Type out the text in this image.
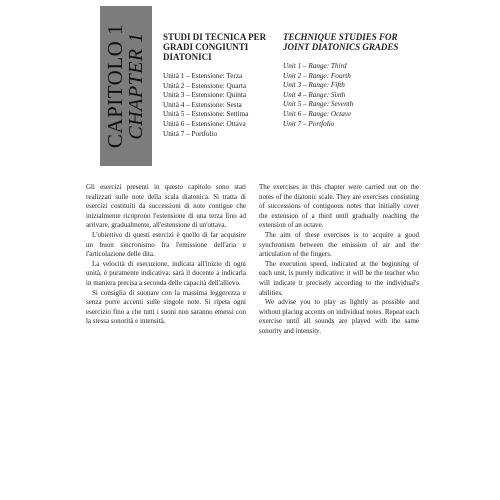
CAPITOLO 1
CHAPTER 1 STUDI DI TECNICA PER GRADI CONGIUNTI DIATONICI
Unità 1 – Estensione: Terza
Unità 2 – Estensione: Quarta
Unità 3 – Estensione: Quinta
Unità 4 – Estensione: Sesta
Unità 5 – Estensione: Settima
Unità 6 – Estensione: Ottava
Unità 7 – Portfolio
TECHNIQUE STUDIES FOR JOINT DIATONICS GRADES
Unit 1 – Range: Third
Unit 2 – Range: Fourth
Unit 3 – Range: Fifth
Unit 4 – Range: Sixth
Unit 5 – Range: Seventh
Unit 6 – Range: Octave
Unit 7 – Portfolio

Gli esercizi presenti in questo capitolo sono stati realizzati sulle note della scala diatonica. Si tratta di esercizi costituiti da successioni di note contigue che inizialmente ricoprono l'estensione di una terza fino ad arrivare, gradualmente, all'estensione di un'ottava.

L'obiettivo di questi esercizi è quello di far acquisire un buon sincronismo fra l'emissione dell'aria e l'articolazione delle dita.

La velocità di esecuzione, indicata all'inizio di ogni unità, è puramente indicativa: sarà il docente a indicarla in maniera precisa a seconda delle capacità dell'allievo.

Si consiglia di suonare con la massima leggerezza e senza porre accenti sulle singole note. Si ripeta ogni esercizio fino a che tutti i suoni non saranno emessi con la stessa sonorità e intensità.

The exercises in this chapter were carried out on the notes of the diatonic scale. They are exercises consisting of successions of contiguous notes that initially cover the extension of a third until gradually reaching the extension of an octave.

The aim of these exercises is to acquire a good synchronism between the emission of air and the articulation of the fingers.

The execution speed, indicated at the beginning of each unit, is purely indicative: it will be the teacher who will indicate it precisely according to the individual's abilities.

We advise you to play as lightly as possible and without placing accents on individual notes. Repeat each exercise until all sounds are played with the same sonority and intensity.
